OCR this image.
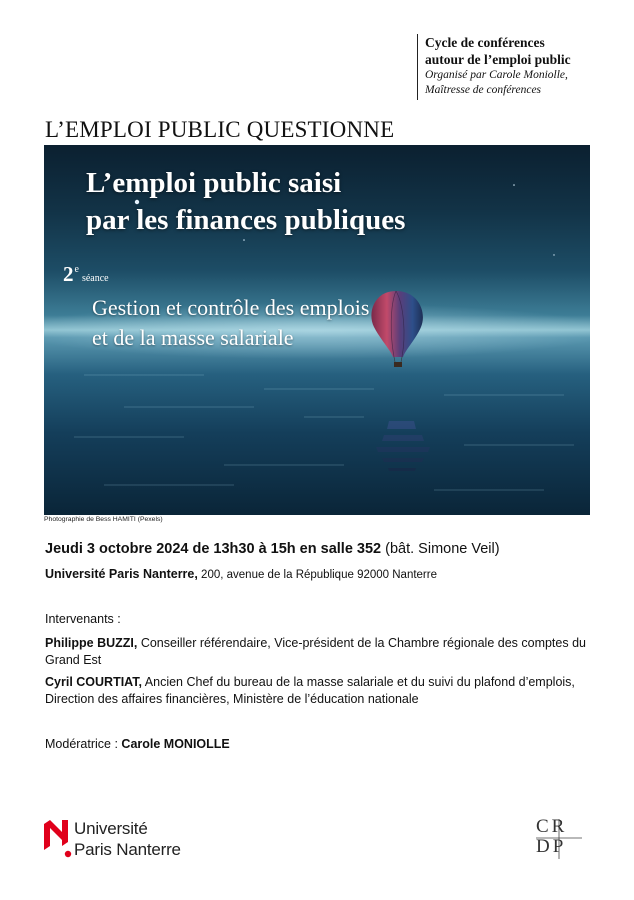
Cycle de conférences
autour de l’emploi public
Organisé par Carole Moniolle,
Maîtresse de conférences
L’EMPLOI PUBLIC QUESTIONNE
L’emploi public saisi
par les finances publiques
2eséance
Gestion et contrôle des emplois
et de la masse salariale
Photographie de Bess HAMITI (Pexels)
Jeudi 3 octobre 2024 de 13h30 à 15h en salle 352 (bât. Simone Veil)
Université Paris Nanterre, 200, avenue de la République 92000 Nanterre
Intervenants :
Philippe BUZZI, Conseiller référendaire, Vice-président de la Chambre régionale des comptes du Grand Est
Cyril COURTIAT, Ancien Chef du bureau de la masse salariale et du suivi du plafond d’emplois, Direction des affaires financières, Ministère de l’éducation nationale
Modératrice : Carole MONIOLLE
Université
Paris Nanterre
CR
DP
